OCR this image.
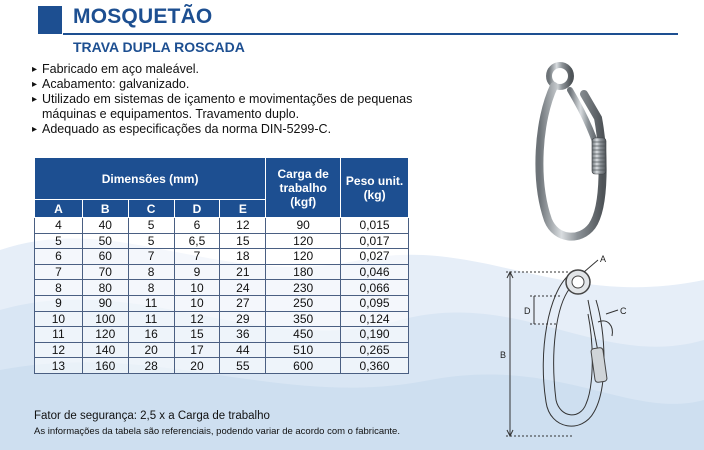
MOSQUETÃO
TRAVA DUPLA ROSCADA
▸ Fabricado em aço maleável.
▸ Acabamento: galvanizado.
▸ Utilizado em sistemas de içamento e movimentações de pequenas máquinas e equipamentos. Travamento duplo.
▸ Adequado as especificações da norma DIN-5299-C.
Dimensões (mm)					Carga de trabalho (kgf)	Peso unit. (kg)
A	B	C	D	E		
4	40	5	6	12	90	0,015
5	50	5	6,5	15	120	0,017
6	60	7	7	18	120	0,027
7	70	8	9	21	180	0,046
8	80	8	10	24	230	0,066
9	90	11	10	27	250	0,095
10	100	11	12	29	350	0,124
11	120	16	15	36	450	0,190
12	140	20	17	44	510	0,265
13	160	28	20	55	600	0,360
Fator de segurança: 2,5 x a Carga de trabalho
As informações da tabela são referenciais, podendo variar de acordo com o fabricante.
A
B
C
D
